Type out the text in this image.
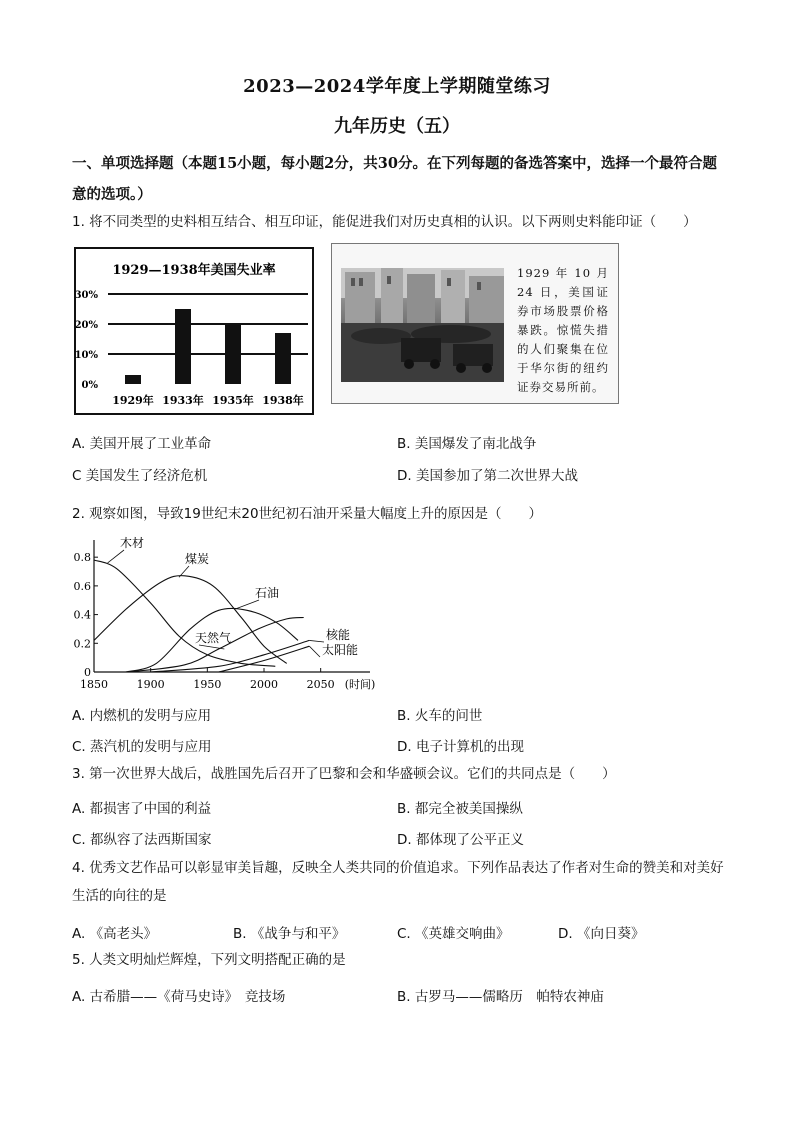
2023—2024学年度上学期随堂练习
九年历史（五）
一、单项选择题（本题15小题，每小题2分，共30分。在下列每题的备选答案中，选择一个最符合题意的选项。）
1. 将不同类型的史料相互结合、相互印证，能促进我们对历史真相的认识。以下两则史料能印证（　　）
1929—1938年美国失业率
0%
10%
20%
30%
1929年 1933年 1935年 1938年
1929 年 10 月 24 日，美国证券市场股票价格暴跌。惊慌失措的人们聚集在位于华尔街的纽约证券交易所前。
A. 美国开展了工业革命	B. 美国爆发了南北战争
C 美国发生了经济危机	D. 美国参加了第二次世界大战
2. 观察如图，导致19世纪末20世纪初石油开采量大幅度上升的原因是（　　）
0
0.2
0.4
0.6
0.8
1850	1900	1950	2000	2050 (时间)
木材
煤炭
石油
天然气	核能
太阳能
A. 内燃机的发明与应用	B. 火车的问世
C. 蒸汽机的发明与应用	D. 电子计算机的出现
3. 第一次世界大战后，战胜国先后召开了巴黎和会和华盛顿会议。它们的共同点是（　　）
A. 都损害了中国的利益	B. 都完全被美国操纵
C. 都纵容了法西斯国家	D. 都体现了公平正义
4. 优秀文艺作品可以彰显审美旨趣，反映全人类共同的价值追求。下列作品表达了作者对生命的赞美和对美好生活的向往的是
A. 《高老头》	B. 《战争与和平》	C. 《英雄交响曲》	D. 《向日葵》
5. 人类文明灿烂辉煌，下列文明搭配正确的是
A. 古希腊——《荷马史诗》　竞技场	B. 古罗马——儒略历　帕特农神庙
